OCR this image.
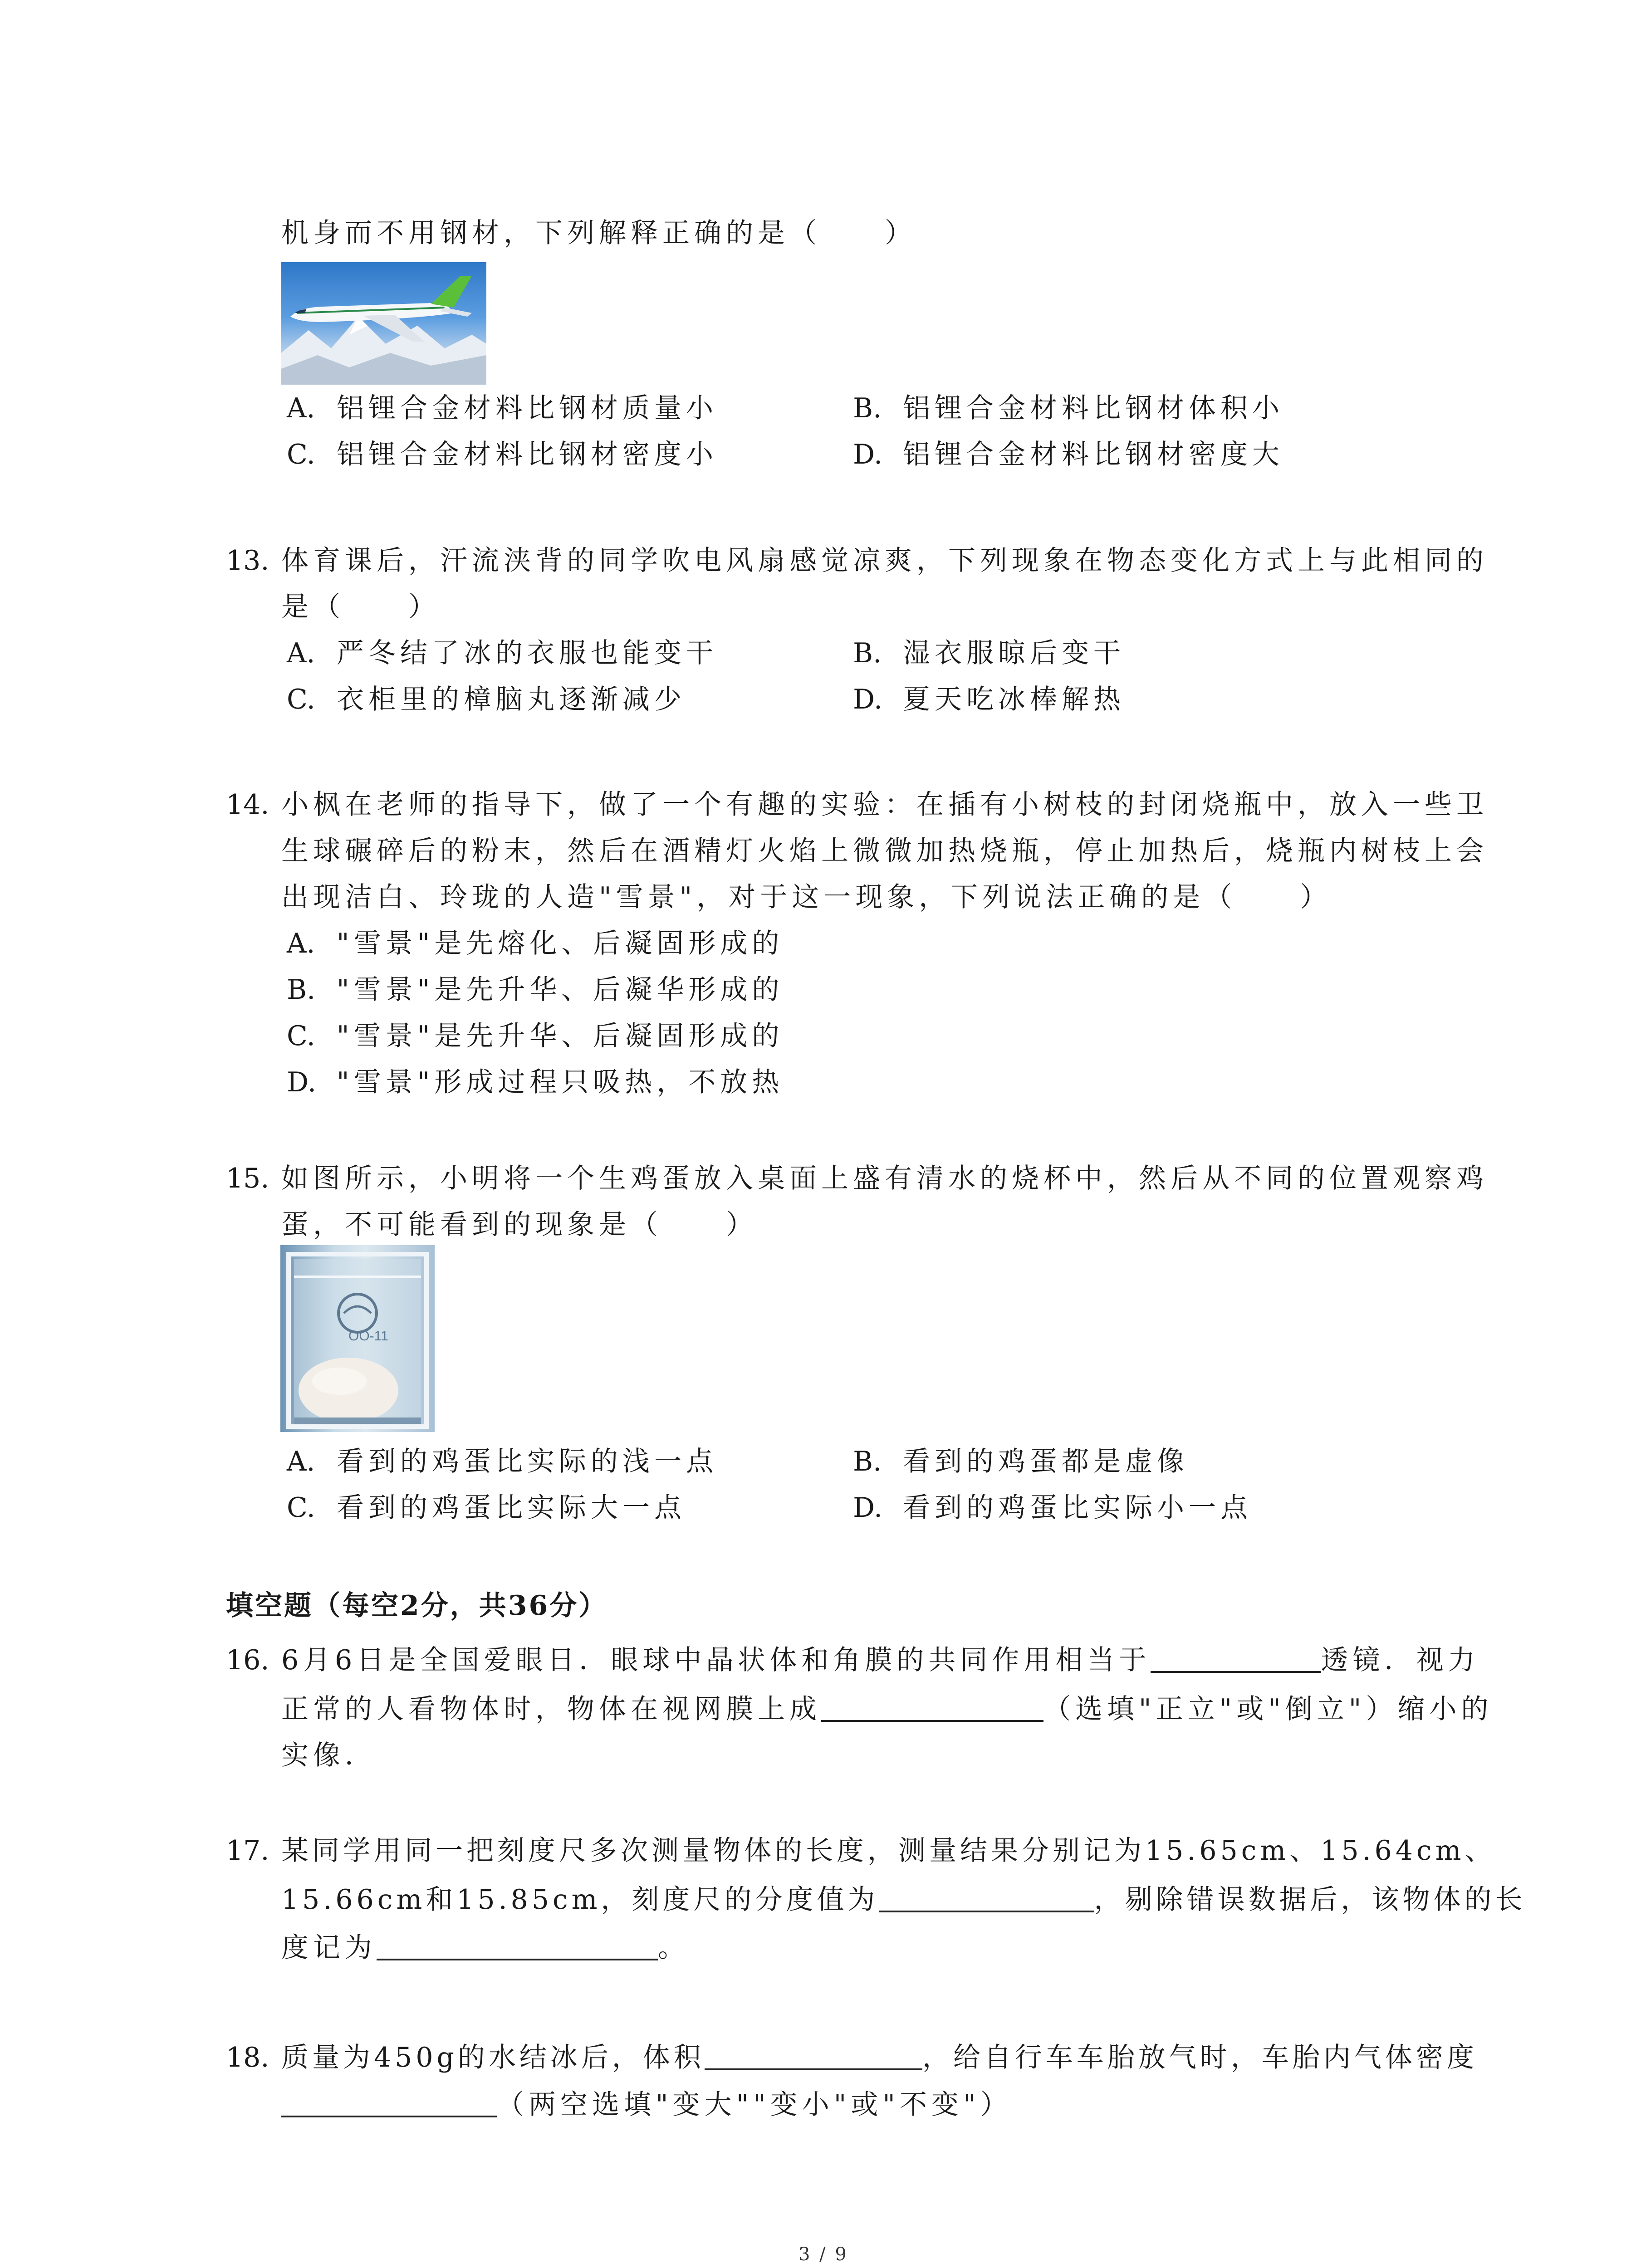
机身而不用钢材，下列解释正确的是（　　）
A. 铝锂合金材料比钢材质量小	B. 铝锂合金材料比钢材体积小
C. 铝锂合金材料比钢材密度小	D. 铝锂合金材料比钢材密度大
13. 体育课后，汗流浃背的同学吹电风扇感觉凉爽，下列现象在物态变化方式上与此相同的
是（　　）
A. 严冬结了冰的衣服也能变干	B. 湿衣服晾后变干
C. 衣柜里的樟脑丸逐渐减少	D. 夏天吃冰棒解热
14. 小枫在老师的指导下，做了一个有趣的实验：在插有小树枝的封闭烧瓶中，放入一些卫
生球碾碎后的粉末，然后在酒精灯火焰上微微加热烧瓶，停止加热后，烧瓶内树枝上会
出现洁白、玲珑的人造"雪景"，对于这一现象，下列说法正确的是（　　）
A. "雪景"是先熔化、后凝固形成的
B. "雪景"是先升华、后凝华形成的
C. "雪景"是先升华、后凝固形成的
D. "雪景"形成过程只吸热，不放热
15. 如图所示，小明将一个生鸡蛋放入桌面上盛有清水的烧杯中，然后从不同的位置观察鸡
蛋，不可能看到的现象是（　　）
OO-11
A. 看到的鸡蛋比实际的浅一点	B. 看到的鸡蛋都是虚像
C. 看到的鸡蛋比实际大一点	D. 看到的鸡蛋比实际小一点
填空题（每空2分，共36分）
16. 6月6日是全国爱眼日．眼球中晶状体和角膜的共同作用相当于	透镜．视力
正常的人看物体时，物体在视网膜上成	（选填"正立"或"倒立"）缩小的
实像．
17. 某同学用同一把刻度尺多次测量物体的长度，测量结果分别记为15.65cm、15.64cm、
15.66cm和15.85cm，刻度尺的分度值为	，剔除错误数据后，该物体的长
度记为	。
18. 质量为450g的水结冰后，体积	，给自行车车胎放气时，车胎内气体密度
（两空选填"变大""变小"或"不变"）
3 / 9
